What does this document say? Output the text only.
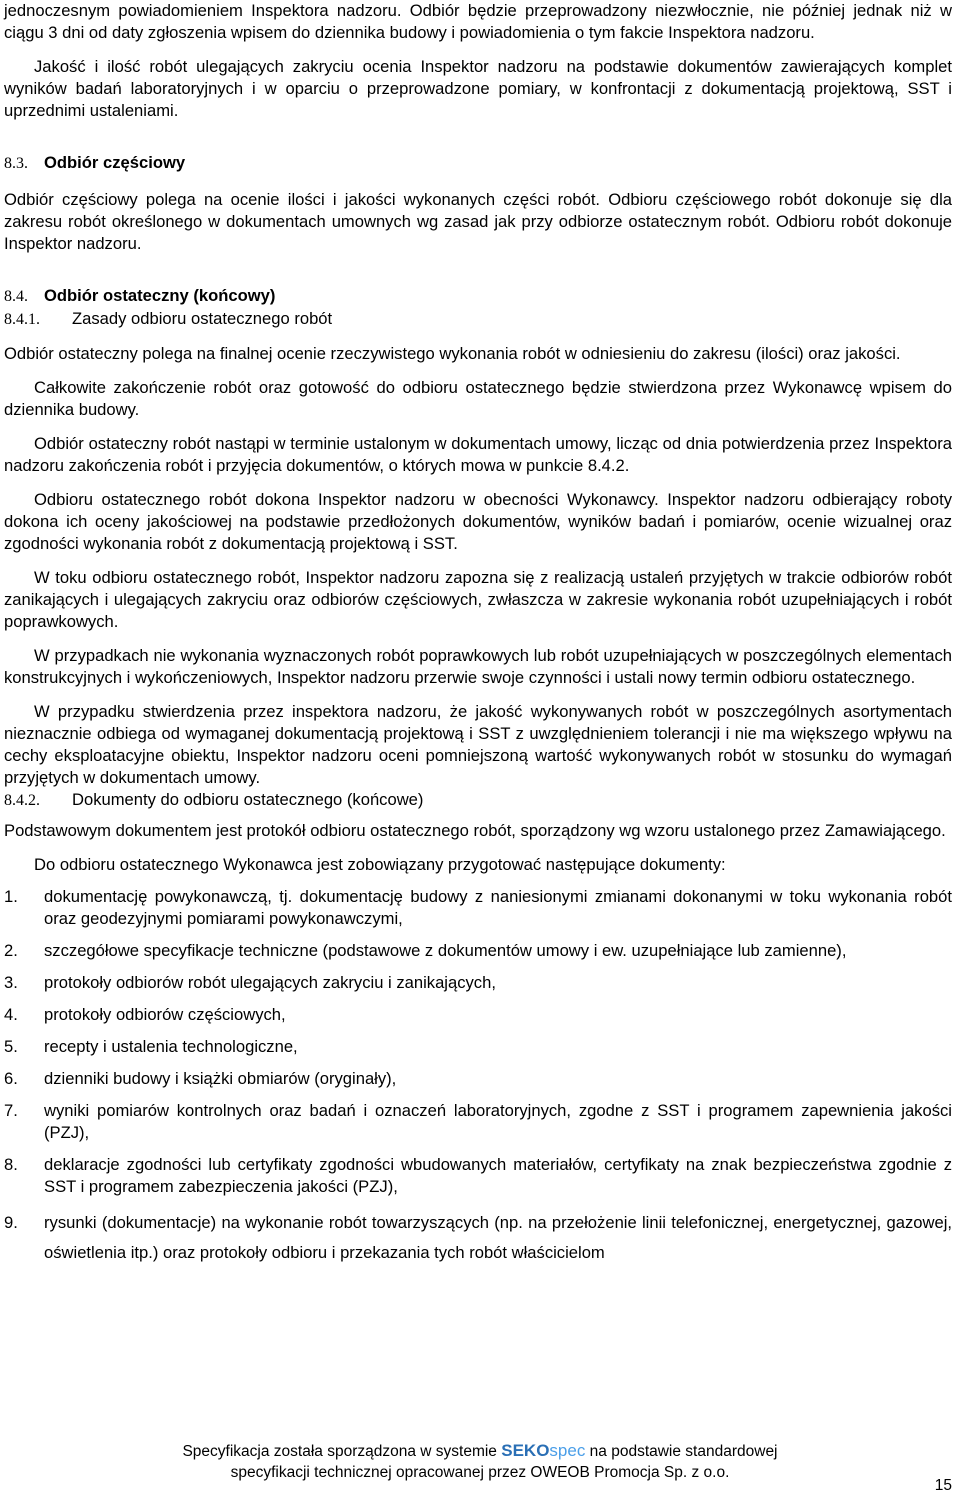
jednoczesnym powiadomieniem Inspektora nadzoru. Odbiór będzie przeprowadzony niezwłocznie, nie później jednak niż w ciągu 3 dni od daty zgłoszenia wpisem do dziennika budowy i powiadomienia o tym fakcie Inspektora nadzoru.

Jakość i ilość robót ulegających zakryciu ocenia Inspektor nadzoru na podstawie dokumentów zawierających komplet wyników badań laboratoryjnych i w oparciu o przeprowadzone pomiary, w konfrontacji z dokumentacją projektową, SST i uprzednimi ustaleniami.

8.3. Odbiór częściowy

Odbiór częściowy polega na ocenie ilości i jakości wykonanych części robót. Odbioru częściowego robót dokonuje się dla zakresu robót określonego w dokumentach umownych wg zasad jak przy odbiorze ostatecznym robót. Odbioru robót dokonuje Inspektor nadzoru.

8.4. Odbiór ostateczny (końcowy)
8.4.1. Zasady odbioru ostatecznego robót

Odbiór ostateczny polega na finalnej ocenie rzeczywistego wykonania robót w odniesieniu do zakresu (ilości) oraz jakości.

Całkowite zakończenie robót oraz gotowość do odbioru ostatecznego będzie stwierdzona przez Wykonawcę wpisem do dziennika budowy.

Odbiór ostateczny robót nastąpi w terminie ustalonym w dokumentach umowy, licząc od dnia potwierdzenia przez Inspektora nadzoru zakończenia robót i przyjęcia dokumentów, o których mowa w punkcie 8.4.2.

Odbioru ostatecznego robót dokona Inspektor nadzoru w obecności Wykonawcy. Inspektor nadzoru odbierający roboty dokona ich oceny jakościowej na podstawie przedłożonych dokumentów, wyników badań i pomiarów, ocenie wizualnej oraz zgodności wykonania robót z dokumentacją projektową i SST.

W toku odbioru ostatecznego robót, Inspektor nadzoru zapozna się z realizacją ustaleń przyjętych w trakcie odbiorów robót zanikających i ulegających zakryciu oraz odbiorów częściowych, zwłaszcza w zakresie wykonania robót uzupełniających i robót poprawkowych.

W przypadkach nie wykonania wyznaczonych robót poprawkowych lub robót uzupełniających w poszczególnych elementach konstrukcyjnych i wykończeniowych, Inspektor nadzoru przerwie swoje czynności i ustali nowy termin odbioru ostatecznego.

W przypadku stwierdzenia przez inspektora nadzoru, że jakość wykonywanych robót w poszczególnych asortymentach nieznacznie odbiega od wymaganej dokumentacją projektową i SST z uwzględnieniem tolerancji i nie ma większego wpływu na cechy eksploatacyjne obiektu, Inspektor nadzoru oceni pomniejszoną wartość wykonywanych robót w stosunku do wymagań przyjętych w dokumentach umowy.

8.4.2. Dokumenty do odbioru ostatecznego (końcowe)

Podstawowym dokumentem jest protokół odbioru ostatecznego robót, sporządzony wg wzoru ustalonego przez Zamawiającego.

Do odbioru ostatecznego Wykonawca jest zobowiązany przygotować następujące dokumenty:

1. dokumentację powykonawczą, tj. dokumentację budowy z naniesionymi zmianami dokonanymi w toku wykonania robót oraz geodezyjnymi pomiarami powykonawczymi,
2. szczegółowe specyfikacje techniczne (podstawowe z dokumentów umowy i ew. uzupełniające lub zamienne),
3. protokoły odbiorów robót ulegających zakryciu i zanikających,
4. protokoły odbiorów częściowych,
5. recepty i ustalenia technologiczne,
6. dzienniki budowy i książki obmiarów (oryginały),
7. wyniki pomiarów kontrolnych oraz badań i oznaczeń laboratoryjnych, zgodne z SST i programem zapewnienia jakości (PZJ),
8. deklaracje zgodności lub certyfikaty zgodności wbudowanych materiałów, certyfikaty na znak bezpieczeństwa zgodnie z SST i programem zabezpieczenia jakości (PZJ),
9. rysunki (dokumentacje) na wykonanie robót towarzyszących (np. na przełożenie linii telefonicznej, energetycznej, gazowej, oświetlenia itp.) oraz protokoły odbioru i przekazania tych robót właścicielom
Specyfikacja została sporządzona w systemie SEKOspec na podstawie standardowej
specyfikacji technicznej opracowanej przez OWEOB Promocja Sp. z o.o.
15
